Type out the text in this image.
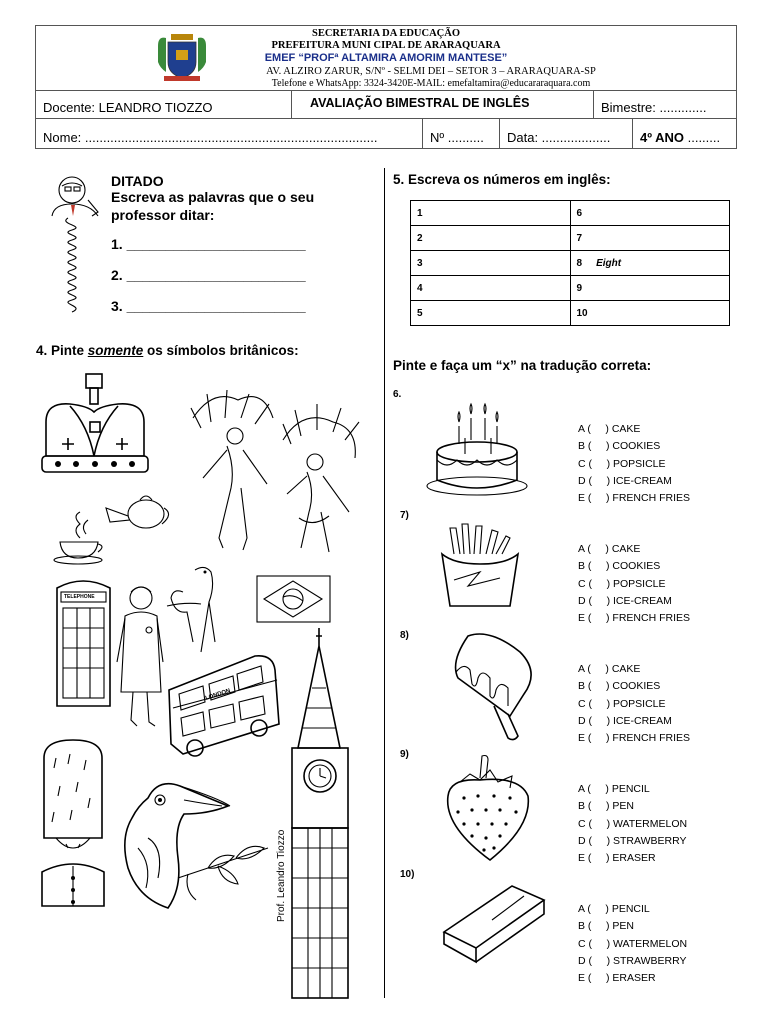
SECRETARIA DA EDUCAÇÃO
PREFEITURA MUNI CIPAL DE ARARAQUARA
EMEF “PROFª ALTAMIRA AMORIM MANTESE”
AV. ALZIRO ZARUR, S/Nº - SELMI DEI – SETOR 3 – ARARAQUARA-SP
Telefone e WhatsApp: 3324-3420E-MAIL: emefaltamira@educararaquara.com
Docente: LEANDRO TIOZZO	AVALIAÇÃO BIMESTRAL DE INGLÊS	Bimestre: .............
Nome: .................................................................................	Nº .......... Data: ................... 4º ANO .........
DITADO
Escreva as palavras que o seu professor ditar:
1. _______________________
2. _______________________
3. _______________________
4. Pinte somente os símbolos britânicos:
TELEPHONE
LONDON
Prof. Leandro Tiozzo
5. Escreva os números em inglês:
1	6
2	7
3	8 Eight
4	9
5	10
Pinte e faça um “x” na tradução correta:
6.

A (     ) CAKE
B (     ) COOKIES
C (     ) POPSICLE
D (     ) ICE-CREAM
E (     ) FRENCH FRIES

7)

A (     ) CAKE
B (     ) COOKIES
C (     ) POPSICLE
D (     ) ICE-CREAM
E (     ) FRENCH FRIES

8)

A (     ) CAKE
B (     ) COOKIES
C (     ) POPSICLE
D (     ) ICE-CREAM
E (     ) FRENCH FRIES

9)

A (     ) PENCIL
B (     ) PEN
C (     ) WATERMELON
D (     ) STRAWBERRY
E (     ) ERASER

10)

A (     ) PENCIL
B (     ) PEN
C (     ) WATERMELON
D (     ) STRAWBERRY
E (     ) ERASER
